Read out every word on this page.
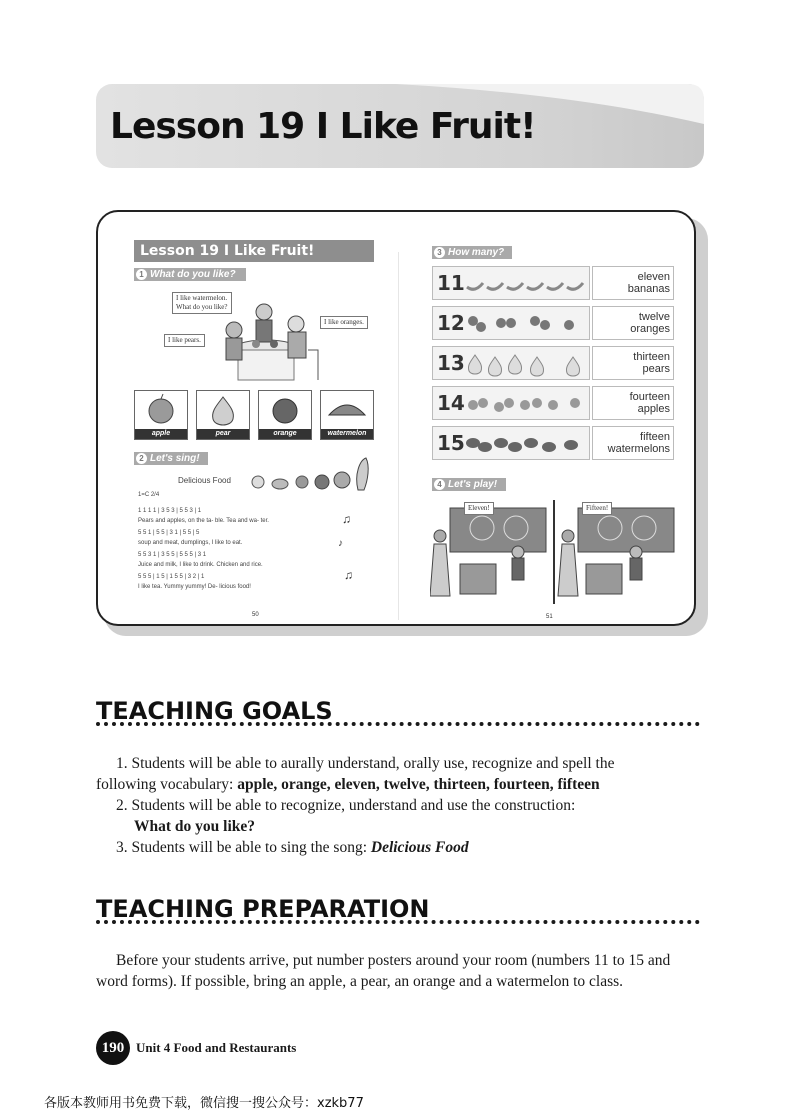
Lesson 19 I Like Fruit!
Lesson 19 I Like Fruit!
1 What do you like?
I like watermelon.
What do you like?
I like oranges.
I like pears.
apple	pear	orange	watermelon
2 Let's sing!
Delicious Food
1=C 2/4
1 1 1 1 | 3 5 3 | 5 5 3 | 1
Pears and apples, on the ta- ble. Tea and wa- ter.
5 5 1 | 5 5 | 3 1 | 5 5 | 5
soup and meat, dumplings, I like to eat.
5 5 3 1 | 3 5 5 | 5 5 5 | 3 1
Juice and milk, I like to drink. Chicken and rice.
5 5 5 | 1 5 | 1 5 5 | 3 2 | 1
I like tea. Yummy yummy! De- licious food!
♫
♪
♫
50
3 How many?
11	eleven
bananas
12	twelve
oranges
13	thirteen
pears
14	fourteen
apples
15	fifteen
watermelons
4 Let's play!
Eleven!	Fifteen!
51
TEACHING GOALS
1. Students will be able to aurally understand, orally use, recognize and spell the
following vocabulary: apple, orange, eleven, twelve, thirteen, fourteen, fifteen
2. Students will be able to recognize, understand and use the construction:
What do you like?
3. Students will be able to sing the song: Delicious Food
TEACHING PREPARATION
Before your students arrive, put number posters around your room (numbers 11 to 15 and
word forms). If possible, bring an apple, a pear, an orange and a watermelon to class.
190 Unit 4 Food and Restaurants
各版本教师用书免费下载，微信搜一搜公众号：xzkb77
